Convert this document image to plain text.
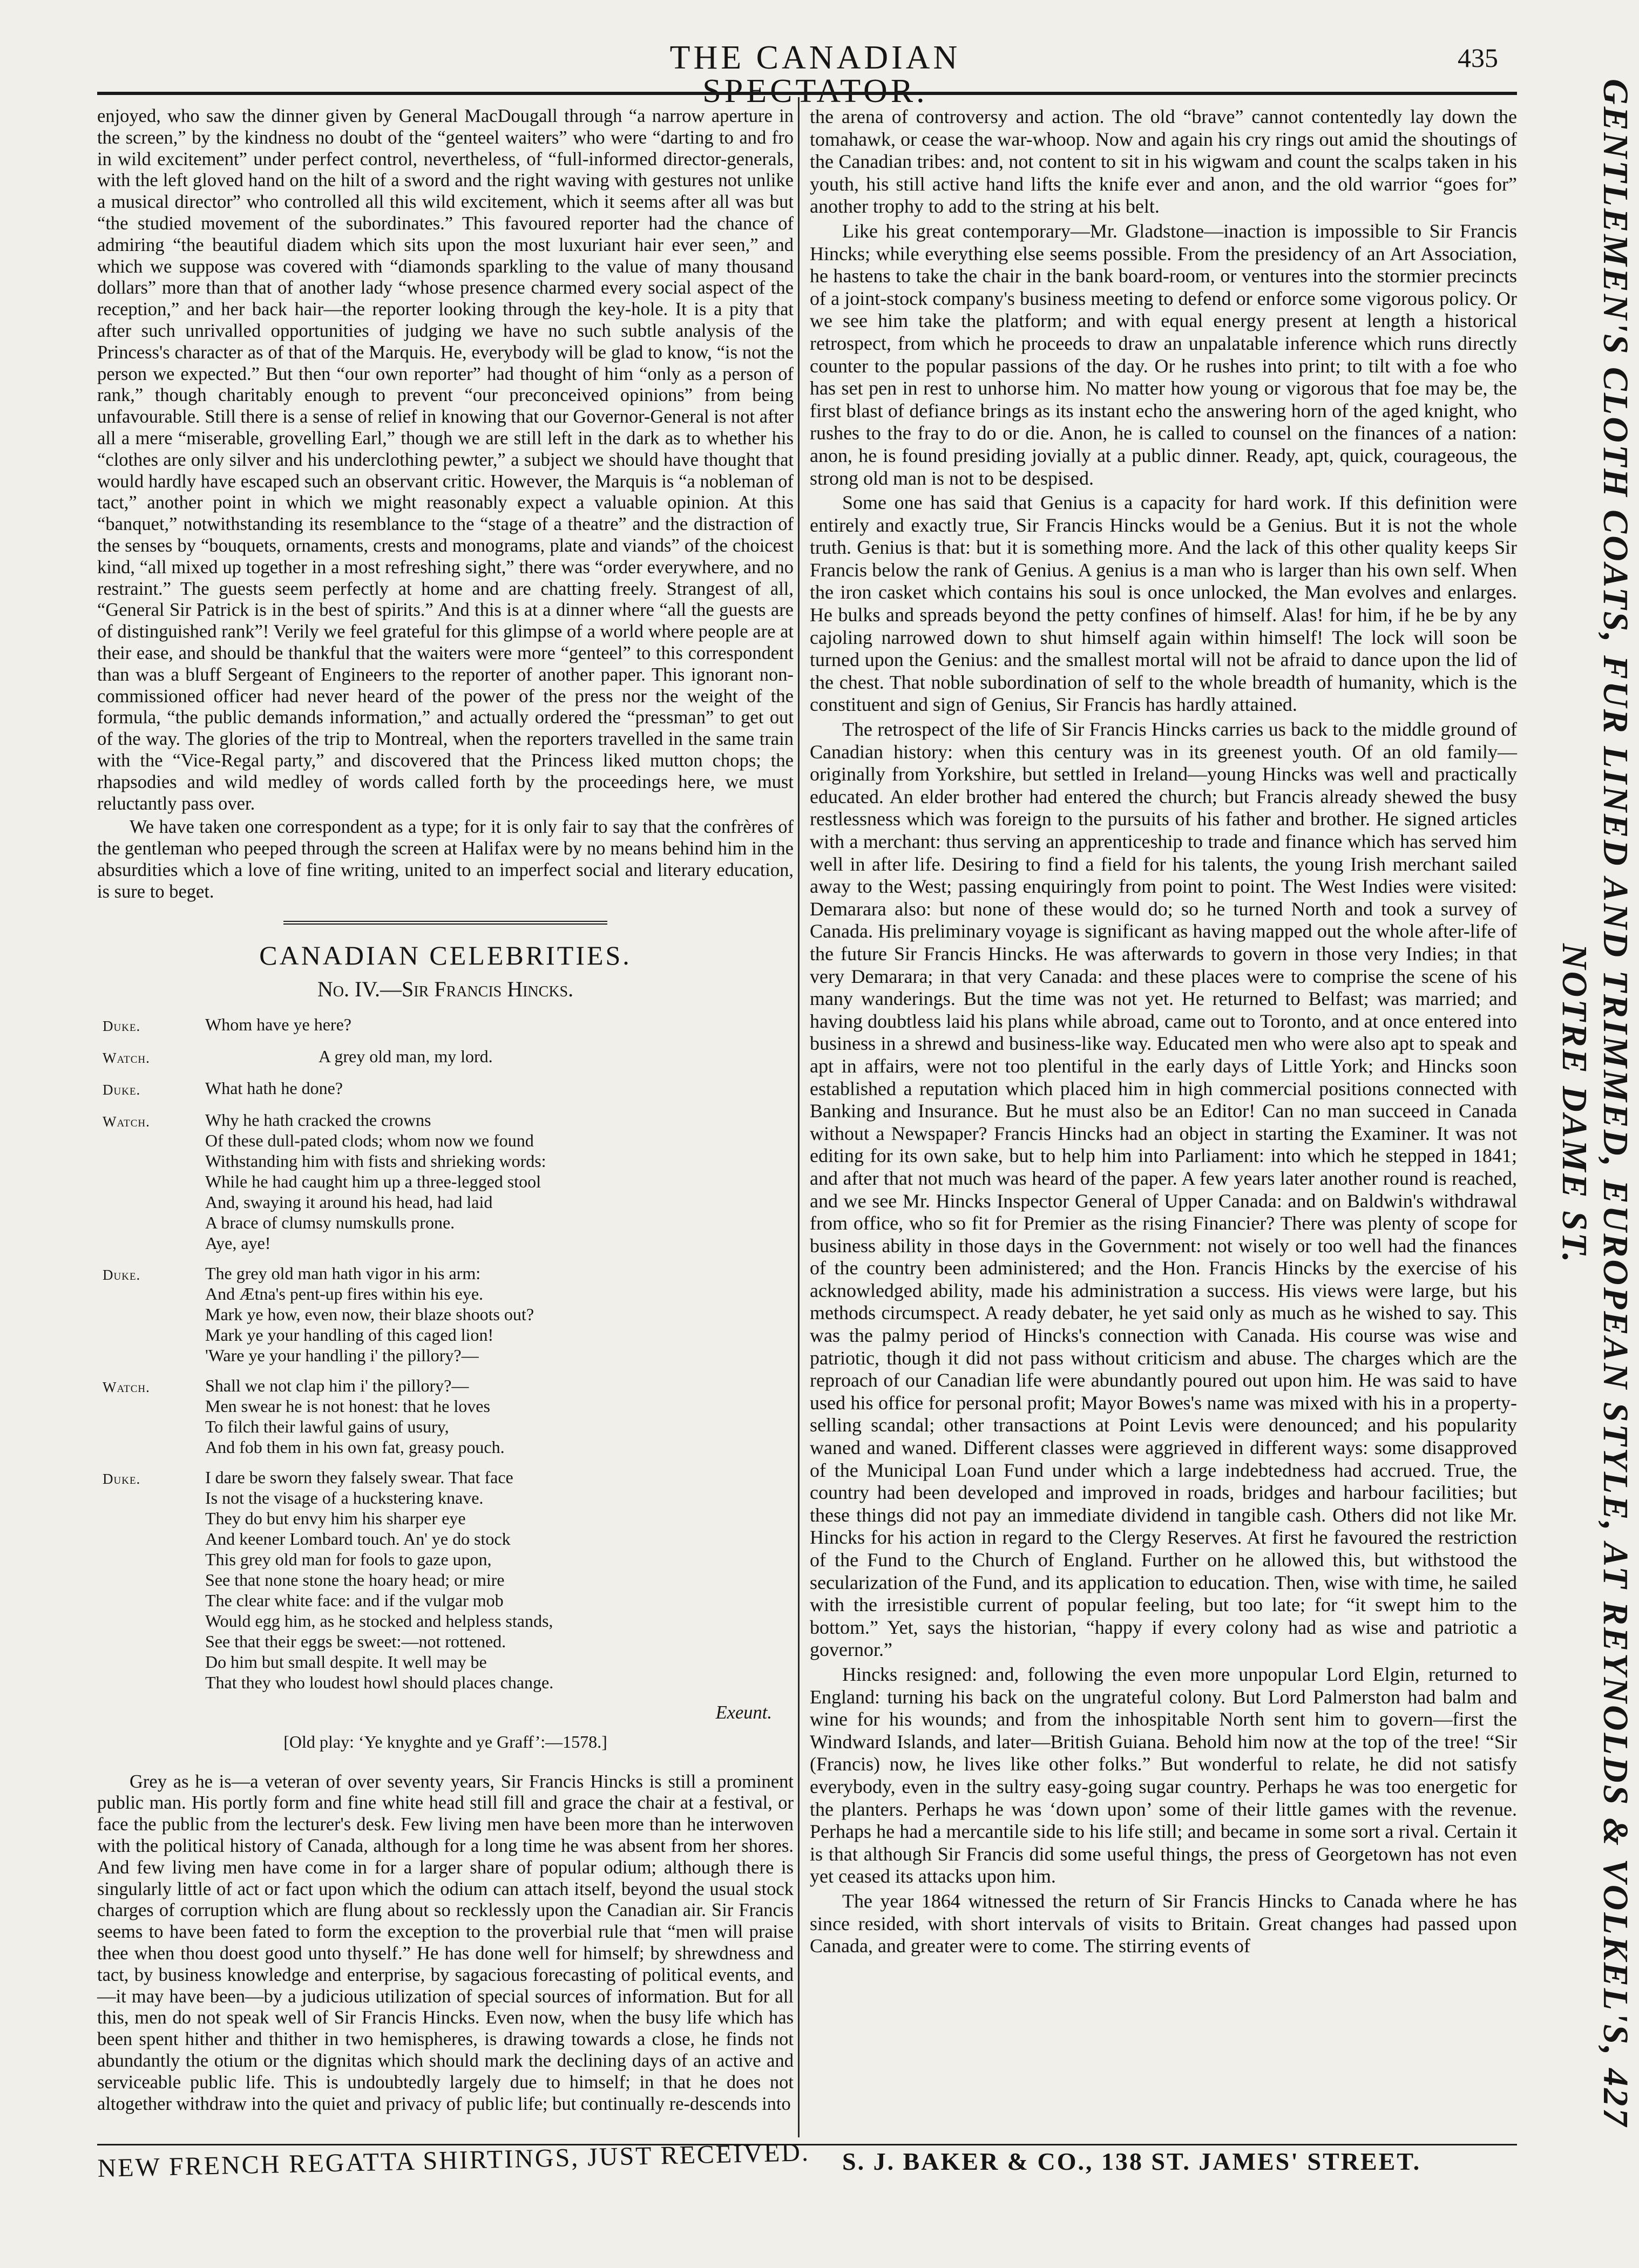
THE CANADIAN SPECTATOR.
435

enjoyed, who saw the dinner given by General MacDougall through “a narrow aperture in the screen,” by the kindness no doubt of the “genteel waiters” who were “darting to and fro in wild excitement” under perfect control, nevertheless, of “full-informed director-generals, with the left gloved hand on the hilt of a sword and the right waving with gestures not unlike a musical director” who controlled all this wild excitement, which it seems after all was but “the studied movement of the subordinates.” This favoured reporter had the chance of admiring “the beautiful diadem which sits upon the most luxuriant hair ever seen,” and which we suppose was covered with “diamonds sparkling to the value of many thousand dollars” more than that of another lady “whose presence charmed every social aspect of the reception,” and her back hair—the reporter looking through the key-hole. It is a pity that after such unrivalled opportunities of judging we have no such subtle analysis of the Princess's character as of that of the Marquis. He, everybody will be glad to know, “is not the person we expected.” But then “our own reporter” had thought of him “only as a person of rank,” though charitably enough to prevent “our preconceived opinions” from being unfavourable. Still there is a sense of relief in knowing that our Governor-General is not after all a mere “miserable, grovelling Earl,” though we are still left in the dark as to whether his “clothes are only silver and his underclothing pewter,” a subject we should have thought that would hardly have escaped such an observant critic. However, the Marquis is “a nobleman of tact,” another point in which we might reasonably expect a valuable opinion. At this “banquet,” notwithstanding its resemblance to the “stage of a theatre” and the distraction of the senses by “bouquets, ornaments, crests and monograms, plate and viands” of the choicest kind, “all mixed up together in a most refreshing sight,” there was “order everywhere, and no restraint.” The guests seem perfectly at home and are chatting freely. Strangest of all, “General Sir Patrick is in the best of spirits.” And this is at a dinner where “all the guests are of distinguished rank”! Verily we feel grateful for this glimpse of a world where people are at their ease, and should be thankful that the waiters were more “genteel” to this correspondent than was a bluff Sergeant of Engineers to the reporter of another paper. This ignorant non-commissioned officer had never heard of the power of the press nor the weight of the formula, “the public demands information,” and actually ordered the “pressman” to get out of the way. The glories of the trip to Montreal, when the reporters travelled in the same train with the “Vice-Regal party,” and discovered that the Princess liked mutton chops; the rhapsodies and wild medley of words called forth by the proceedings here, we must reluctantly pass over.

We have taken one correspondent as a type; for it is only fair to say that the confrères of the gentleman who peeped through the screen at Halifax were by no means behind him in the absurdities which a love of fine writing, united to an imperfect social and literary education, is sure to beget.

CANADIAN CELEBRITIES.
No. IV.—Sir Francis Hincks.
Duke.	Whom have ye here?
Watch.	A grey old man, my lord.
Duke.	What hath he done?
Watch.	Why he hath cracked the crowns
Of these dull-pated clods; whom now we found
Withstanding him with fists and shrieking words:
While he had caught him up a three-legged stool
And, swaying it around his head, had laid
A brace of clumsy numskulls prone.
Aye, aye!
Duke.	The grey old man hath vigor in his arm:
And Ætna's pent-up fires within his eye.
Mark ye how, even now, their blaze shoots out?
Mark ye your handling of this caged lion!
'Ware ye your handling i' the pillory?—
Watch.	Shall we not clap him i' the pillory?—
Men swear he is not honest: that he loves
To filch their lawful gains of usury,
And fob them in his own fat, greasy pouch.
Duke.	I dare be sworn they falsely swear. That face
Is not the visage of a huckstering knave.
They do but envy him his sharper eye
And keener Lombard touch. An' ye do stock
This grey old man for fools to gaze upon,
See that none stone the hoary head; or mire
The clear white face: and if the vulgar mob
Would egg him, as he stocked and helpless stands,
See that their eggs be sweet:—not rottened.
Do him but small despite. It well may be
That they who loudest howl should places change.
Exeunt.
[Old play: ‘Ye knyghte and ye Graff’:—1578.]

Grey as he is—a veteran of over seventy years, Sir Francis Hincks is still a prominent public man. His portly form and fine white head still fill and grace the chair at a festival, or face the public from the lecturer's desk. Few living men have been more than he interwoven with the political history of Canada, although for a long time he was absent from her shores. And few living men have come in for a larger share of popular odium; although there is singularly little of act or fact upon which the odium can attach itself, beyond the usual stock charges of corruption which are flung about so recklessly upon the Canadian air. Sir Francis seems to have been fated to form the exception to the proverbial rule that “men will praise thee when thou doest good unto thyself.” He has done well for himself; by shrewdness and tact, by business knowledge and enterprise, by sagacious forecasting of political events, and—it may have been—by a judicious utilization of special sources of information. But for all this, men do not speak well of Sir Francis Hincks. Even now, when the busy life which has been spent hither and thither in two hemispheres, is drawing towards a close, he finds not abundantly the otium or the dignitas which should mark the declining days of an active and serviceable public life. This is undoubtedly largely due to himself; in that he does not altogether withdraw into the quiet and privacy of public life; but continually re-descends into

the arena of controversy and action. The old “brave” cannot contentedly lay down the tomahawk, or cease the war-whoop. Now and again his cry rings out amid the shoutings of the Canadian tribes: and, not content to sit in his wigwam and count the scalps taken in his youth, his still active hand lifts the knife ever and anon, and the old warrior “goes for” another trophy to add to the string at his belt.

Like his great contemporary—Mr. Gladstone—inaction is impossible to Sir Francis Hincks; while everything else seems possible. From the presidency of an Art Association, he hastens to take the chair in the bank board-room, or ventures into the stormier precincts of a joint-stock company's business meeting to defend or enforce some vigorous policy. Or we see him take the platform; and with equal energy present at length a historical retrospect, from which he proceeds to draw an unpalatable inference which runs directly counter to the popular passions of the day. Or he rushes into print; to tilt with a foe who has set pen in rest to unhorse him. No matter how young or vigorous that foe may be, the first blast of defiance brings as its instant echo the answering horn of the aged knight, who rushes to the fray to do or die. Anon, he is called to counsel on the finances of a nation: anon, he is found presiding jovially at a public dinner. Ready, apt, quick, courageous, the strong old man is not to be despised.

Some one has said that Genius is a capacity for hard work. If this definition were entirely and exactly true, Sir Francis Hincks would be a Genius. But it is not the whole truth. Genius is that: but it is something more. And the lack of this other quality keeps Sir Francis below the rank of Genius. A genius is a man who is larger than his own self. When the iron casket which contains his soul is once unlocked, the Man evolves and enlarges. He bulks and spreads beyond the petty confines of himself. Alas! for him, if he be by any cajoling narrowed down to shut himself again within himself! The lock will soon be turned upon the Genius: and the smallest mortal will not be afraid to dance upon the lid of the chest. That noble subordination of self to the whole breadth of humanity, which is the constituent and sign of Genius, Sir Francis has hardly attained.

The retrospect of the life of Sir Francis Hincks carries us back to the middle ground of Canadian history: when this century was in its greenest youth. Of an old family—originally from Yorkshire, but settled in Ireland—young Hincks was well and practically educated. An elder brother had entered the church; but Francis already shewed the busy restlessness which was foreign to the pursuits of his father and brother. He signed articles with a merchant: thus serving an apprenticeship to trade and finance which has served him well in after life. Desiring to find a field for his talents, the young Irish merchant sailed away to the West; passing enquiringly from point to point. The West Indies were visited: Demarara also: but none of these would do; so he turned North and took a survey of Canada. His preliminary voyage is significant as having mapped out the whole after-life of the future Sir Francis Hincks. He was afterwards to govern in those very Indies; in that very Demarara; in that very Canada: and these places were to comprise the scene of his many wanderings. But the time was not yet. He returned to Belfast; was married; and having doubtless laid his plans while abroad, came out to Toronto, and at once entered into business in a shrewd and business-like way. Educated men who were also apt to speak and apt in affairs, were not too plentiful in the early days of Little York; and Hincks soon established a reputation which placed him in high commercial positions connected with Banking and Insurance. But he must also be an Editor! Can no man succeed in Canada without a Newspaper? Francis Hincks had an object in starting the Examiner. It was not editing for its own sake, but to help him into Parliament: into which he stepped in 1841; and after that not much was heard of the paper. A few years later another round is reached, and we see Mr. Hincks Inspector General of Upper Canada: and on Baldwin's withdrawal from office, who so fit for Premier as the rising Financier? There was plenty of scope for business ability in those days in the Government: not wisely or too well had the finances of the country been administered; and the Hon. Francis Hincks by the exercise of his acknowledged ability, made his administration a success. His views were large, but his methods circumspect. A ready debater, he yet said only as much as he wished to say. This was the palmy period of Hincks's connection with Canada. His course was wise and patriotic, though it did not pass without criticism and abuse. The charges which are the reproach of our Canadian life were abundantly poured out upon him. He was said to have used his office for personal profit; Mayor Bowes's name was mixed with his in a property-selling scandal; other transactions at Point Levis were denounced; and his popularity waned and waned. Different classes were aggrieved in different ways: some disapproved of the Municipal Loan Fund under which a large indebtedness had accrued. True, the country had been developed and improved in roads, bridges and harbour facilities; but these things did not pay an immediate dividend in tangible cash. Others did not like Mr. Hincks for his action in regard to the Clergy Reserves. At first he favoured the restriction of the Fund to the Church of England. Further on he allowed this, but withstood the secularization of the Fund, and its application to education. Then, wise with time, he sailed with the irresistible current of popular feeling, but too late; for “it swept him to the bottom.” Yet, says the historian, “happy if every colony had as wise and patriotic a governor.”

Hincks resigned: and, following the even more unpopular Lord Elgin, returned to England: turning his back on the ungrateful colony. But Lord Palmerston had balm and wine for his wounds; and from the inhospitable North sent him to govern—first the Windward Islands, and later—British Guiana. Behold him now at the top of the tree! “Sir (Francis) now, he lives like other folks.” But wonderful to relate, he did not satisfy everybody, even in the sultry easy-going sugar country. Perhaps he was too energetic for the planters. Perhaps he was ‘down upon’ some of their little games with the revenue. Perhaps he had a mercantile side to his life still; and became in some sort a rival. Certain it is that although Sir Francis did some useful things, the press of Georgetown has not even yet ceased its attacks upon him.

The year 1864 witnessed the return of Sir Francis Hincks to Canada where he has since resided, with short intervals of visits to Britain. Great changes had passed upon Canada, and greater were to come. The stirring events of	GENTLEMEN'S CLOTH COATS, FUR LINED AND TRIMMED, EUROPEAN STYLE, AT REYNOLDS & VOLKEL'S, 427 NOTRE DAME ST.
NEW FRENCH REGATTA SHIRTINGS, JUST RECEIVED. S. J. BAKER & CO., 138 ST. JAMES' STREET.
